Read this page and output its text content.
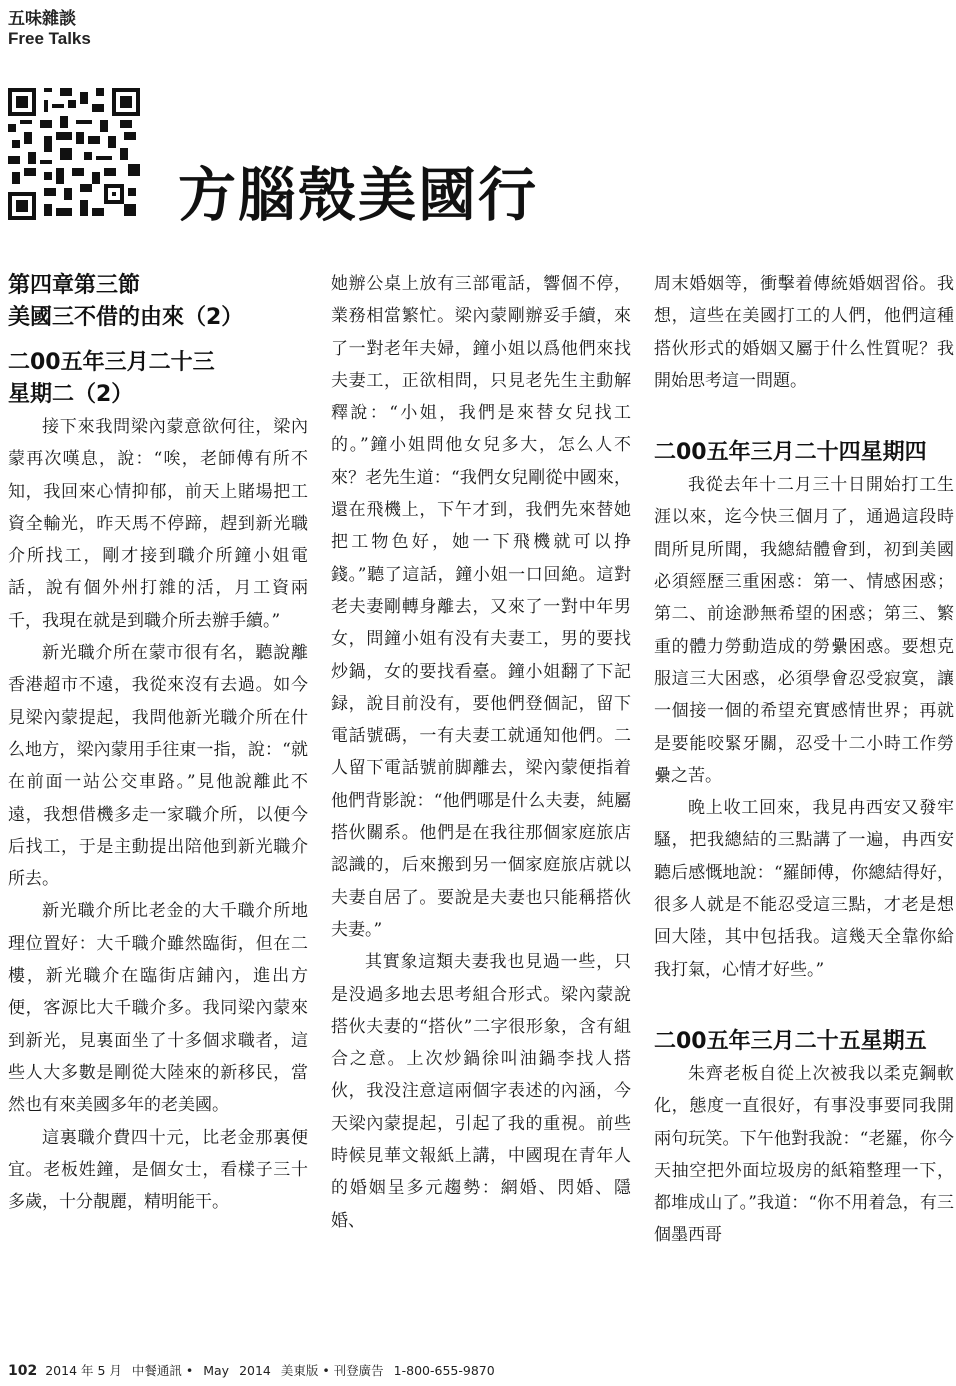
五味雜談
Free Talks
方腦殼美國行

第四章第三節

美國三不借的由來（2）

二00五年三月二十三

星期二（2）

接下來我問梁內蒙意欲何往，梁內蒙再次嘆息，說：“唉，老師傅有所不知，我回來心情抑郁，前天上賭場把工資全輸光，昨天馬不停蹄，趕到新光職介所找工，剛才接到職介所鐘小姐電話，說有個外州打雜的活，月工資兩千，我現在就是到職介所去辦手續。”

新光職介所在蒙市很有名，聽說離香港超市不遠，我從來沒有去過。如今見梁內蒙提起，我問他新光職介所在什么地方，梁內蒙用手往東一指，說：“就在前面一站公交車路。”見他說離此不遠，我想借機多走一家職介所，以便今后找工，于是主動提出陪他到新光職介所去。

新光職介所比老金的大千職介所地理位置好：大千職介雖然臨街，但在二樓，新光職介在臨街店鋪內，進出方便，客源比大千職介多。我同梁內蒙來到新光，見裏面坐了十多個求職者，這些人大多數是剛從大陸來的新移民，當然也有來美國多年的老美國。

這裏職介費四十元，比老金那裏便宜。老板姓鐘，是個女士，看樣子三十多歲，十分靚麗，精明能干。

她辦公桌上放有三部電話，響個不停，業務相當繁忙。梁內蒙剛辦妥手續，來了一對老年夫婦，鐘小姐以爲他們來找夫妻工，正欲相問，只見老先生主動解釋說：“小姐，我們是來替女兒找工的。”鐘小姐問他女兒多大，怎么人不來？老先生道：“我們女兒剛從中國來，還在飛機上，下午才到，我們先來替她把工物色好，她一下飛機就可以挣錢。”聽了這話，鐘小姐一口回絶。這對老夫妻剛轉身離去，又來了一對中年男女，問鐘小姐有没有夫妻工，男的要找炒鍋，女的要找看臺。鐘小姐翻了下記録，說目前没有，要他們登個記，留下電話號碼，一有夫妻工就通知他們。二人留下電話號前脚離去，梁內蒙便指着他們背影說：“他們哪是什么夫妻，純屬搭伙關系。他們是在我往那個家庭旅店認識的，后來搬到另一個家庭旅店就以夫妻自居了。要說是夫妻也只能稱搭伙夫妻。”

其實象這類夫妻我也見過一些，只是没過多地去思考組合形式。梁內蒙說搭伙夫妻的“搭伙”二字很形象，含有組合之意。上次炒鍋徐叫油鍋李找人搭伙，我没注意這兩個字表述的內涵，今天梁內蒙提起，引起了我的重視。前些時候見華文報紙上講，中國現在青年人的婚姻呈多元趨勢：網婚、閃婚、隱婚、

周末婚姻等，衝擊着傳統婚姻習俗。我想，這些在美國打工的人們，他們這種搭伙形式的婚姻又屬于什么性質呢？我開始思考這一問題。

二00五年三月二十四星期四

我從去年十二月三十日開始打工生涯以來，迄今快三個月了，通過這段時間所見所聞，我總結體會到，初到美國必須經歷三重困惑：第一、情感困惑；第二、前途渺無希望的困惑；第三、繁重的體力勞動造成的勞纍困惑。要想克服這三大困惑，必須學會忍受寂寞，讓一個接一個的希望充實感情世界；再就是要能咬緊牙關，忍受十二小時工作勞纍之苦。

晚上收工回來，我見冉西安又發牢騷，把我總結的三點講了一遍，冉西安聽后感慨地說：“羅師傅，你總結得好，很多人就是不能忍受這三點，才老是想回大陸，其中包括我。這幾天全靠你給我打氣，心情才好些。”

二00五年三月二十五星期五

朱齊老板自從上次被我以柔克鋼軟化，態度一直很好，有事没事要同我開兩句玩笑。下午他對我說：“老羅，你今天抽空把外面垃圾房的紙箱整理一下，都堆成山了。”我道：“你不用着急，有三個墨西哥

102 2014 年 5 月 中餐通訊 • May 2014 美東版 • 刊登廣告 1-800-655-9870
